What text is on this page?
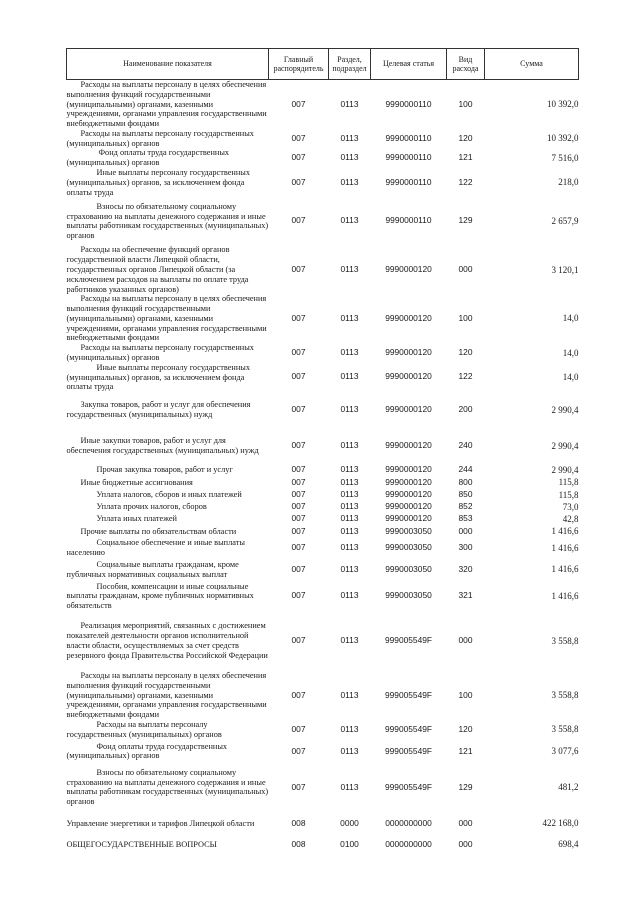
Наименование показателя	Главный распорядитель	Раздел, подраздел	Целевая статья	Вид расхода	Сумма

Расходы на выплаты персоналу в целях обеспечения выполнения функций государственными (муниципальными) органами, казенными учреждениями, органами управления государственными внебюджетными фондами	007	0113	9990000110	100	10 392,0

Расходы на выплаты персоналу государственных (муниципальных) органов	007	0113	9990000110	120	10 392,0

Фонд оплаты труда государственных (муниципальных) органов	007	0113	9990000110	121	7 516,0

Иные выплаты персоналу государственных (муниципальных) органов, за исключением фонда оплаты труда	007	0113	9990000110	122	218,0

Взносы по обязательному социальному страхованию на выплаты денежного содержания и иные выплаты работникам государственных (муниципальных) органов	007	0113	9990000110	129	2 657,9

Расходы на обеспечение функций органов государственной власти Липецкой области, государственных органов Липецкой области (за исключением расходов на выплаты по оплате труда работников указанных органов)	007	0113	9990000120	000	3 120,1

Расходы на выплаты персоналу в целях обеспечения выполнения функций государственными (муниципальными) органами, казенными учреждениями, органами управления государственными внебюджетными фондами	007	0113	9990000120	100	14,0

Расходы на выплаты персоналу государственных (муниципальных) органов	007	0113	9990000120	120	14,0

Иные выплаты персоналу государственных (муниципальных) органов, за исключением фонда оплаты труда	007	0113	9990000120	122	14,0

Закупка товаров, работ и услуг для обеспечения государственных (муниципальных) нужд	007	0113	9990000120	200	2 990,4

Иные закупки товаров, работ и услуг для обеспечения государственных (муниципальных) нужд	007	0113	9990000120	240	2 990,4

Прочая закупка товаров, работ и услуг	007	0113	9990000120	244	2 990,4

Иные бюджетные ассигнования	007	0113	9990000120	800	115,8

Уплата налогов, сборов и иных платежей	007	0113	9990000120	850	115,8

Уплата прочих налогов, сборов	007	0113	9990000120	852	73,0

Уплата иных платежей	007	0113	9990000120	853	42,8

Прочие выплаты по обязательствам области	007	0113	9990003050	000	1 416,6

Социальное обеспечение и иные выплаты населению	007	0113	9990003050	300	1 416,6

Социальные выплаты гражданам, кроме публичных нормативных социальных выплат	007	0113	9990003050	320	1 416,6

Пособия, компенсации и иные социальные выплаты гражданам, кроме публичных нормативных обязательств	007	0113	9990003050	321	1 416,6

Реализация мероприятий, связанных с достижением показателей деятельности органов исполнительной власти области, осуществляемых за счет средств резервного фонда Правительства Российской Федерации	007	0113	999005549F	000	3 558,8

Расходы на выплаты персоналу в целях обеспечения выполнения функций государственными (муниципальными) органами, казенными учреждениями, органами управления государственными внебюджетными фондами	007	0113	999005549F	100	3 558,8

Расходы на выплаты персоналу государственных (муниципальных) органов	007	0113	999005549F	120	3 558,8

Фонд оплаты труда государственных (муниципальных) органов	007	0113	999005549F	121	3 077,6

Взносы по обязательному социальному страхованию на выплаты денежного содержания и иные выплаты работникам государственных (муниципальных) органов	007	0113	999005549F	129	481,2

Управление энергетики и тарифов Липецкой области	008	0000	0000000000	000	422 168,0

ОБЩЕГОСУДАРСТВЕННЫЕ ВОПРОСЫ	008	0100	0000000000	000	698,4
